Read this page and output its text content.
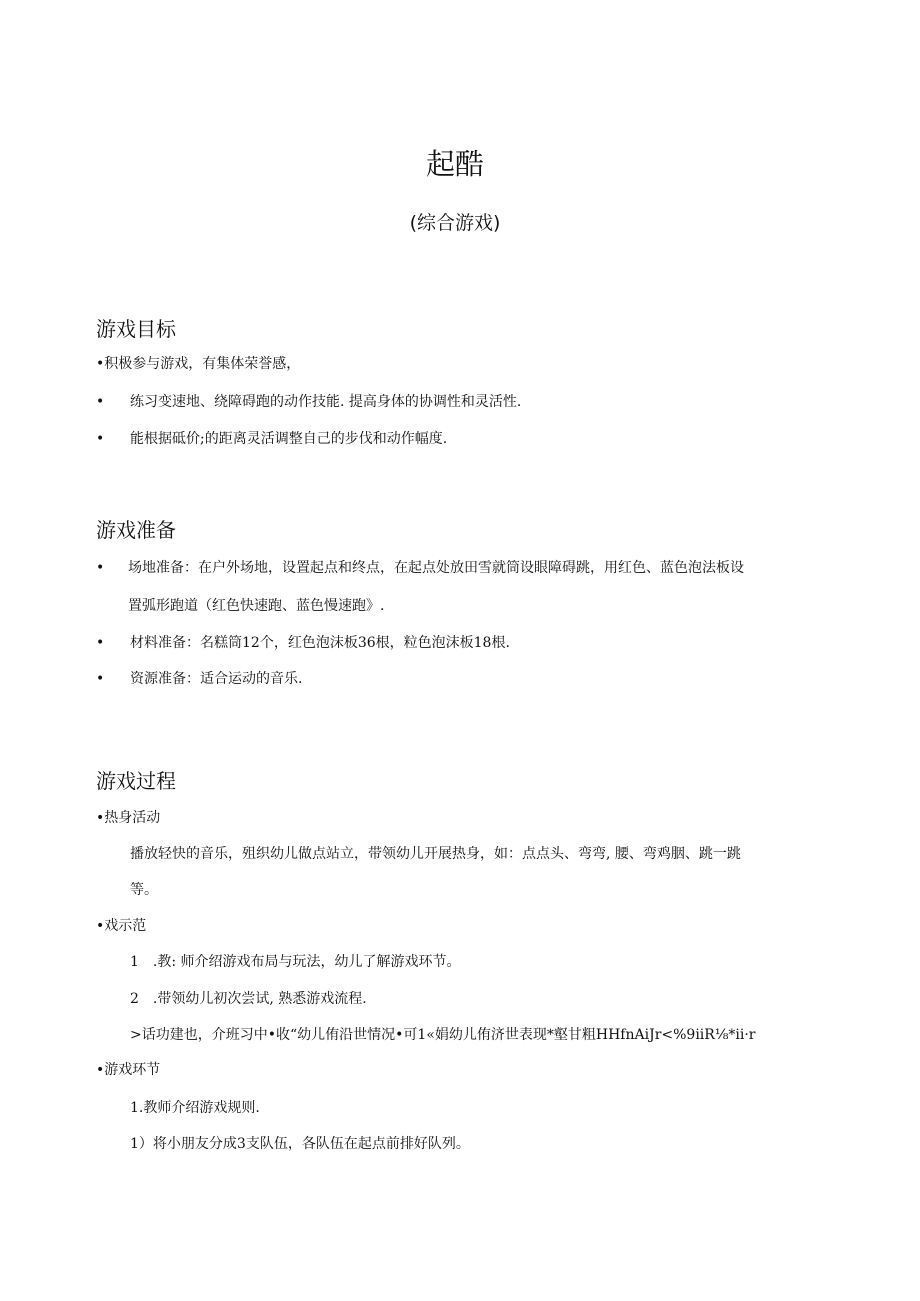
起酷
(综合游戏)
游戏目标

•积极参与游戏，有集体荣誉感，

• 练习变速地、绕障碍跑的动作技能. 提高身体的协调性和灵活性.

• 能根据砥价;的距离灵活调整自己的步伐和动作幅度.

游戏准备
• 场地准备：在户外场地，设置起点和终点，在起点处放田雪就筒设眼障碍跳，用红色、蓝色泡法板设

置弧形跑道（红色快速跑、蓝色慢速跑》.

• 材料准备：名糕筒12个，红色泡沫板36根，粒色泡沫板18根.

• 资源准备：适合运动的音乐.

游戏过程
•热身活动

播放轻快的音乐，殂织幼儿做点站立，带领幼儿开展热身，如：点点头、弯弯, 腰、弯鸡胭、跳一跳

等。

•戏示范

1　.教: 师介绍游戏布局与玩法，幼儿了解游戏环节。

2　.带领幼儿初次尝试, 熟悉游戏流程.

>话功建也，介班习中•收“幼儿侑沿世情况•可1«娟幼儿侑济世表现*壑甘粗HHfnAiJr<%9iiR⅛*ii·r

•游戏环节

1.教师介绍游戏规则.

1）将小朋友分成3支队伍，各队伍在起点前排好队列。
